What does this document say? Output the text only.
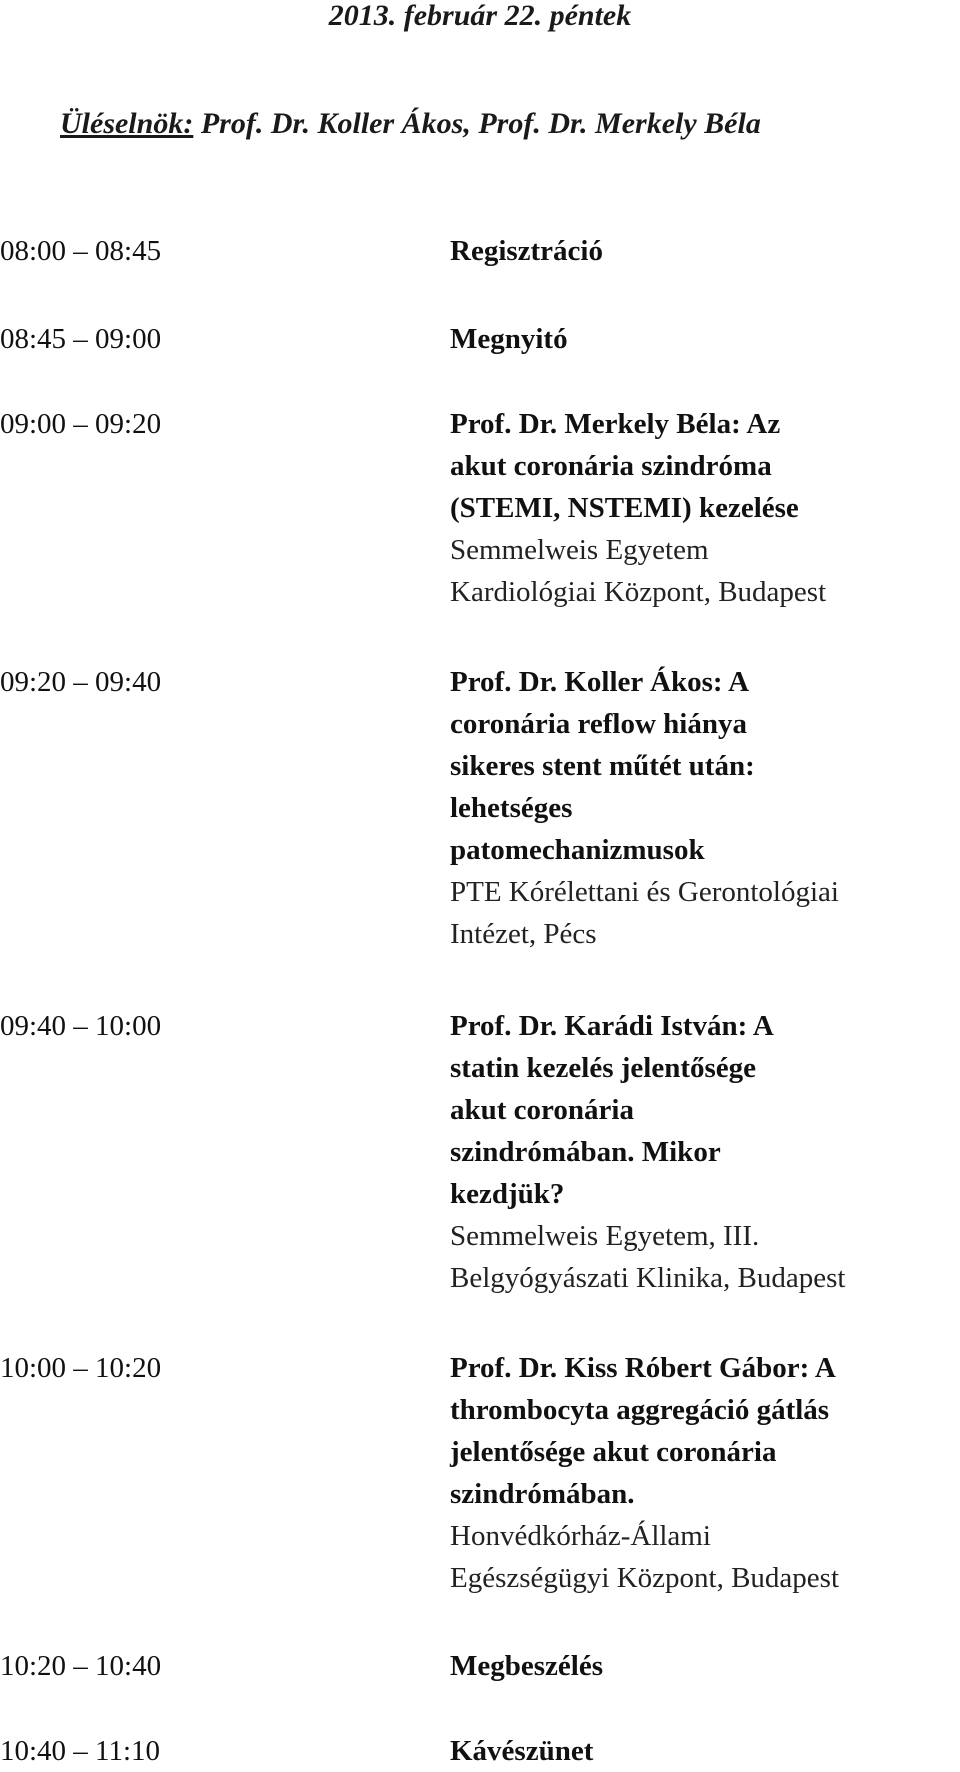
2013. február 22. péntek
Üléselnök: Prof. Dr. Koller Ákos, Prof. Dr. Merkely Béla
08:00 – 08:45	Regisztráció
08:45 – 09:00	Megnyitó
09:00 – 09:20	Prof. Dr. Merkely Béla: Az
akut coronária szindróma
(STEMI, NSTEMI) kezelése
Semmelweis Egyetem
Kardiológiai Központ, Budapest
09:20 – 09:40	Prof. Dr. Koller Ákos: A
coronária reflow hiánya
sikeres stent műtét után:
lehetséges
patomechanizmusok
PTE Kórélettani és Gerontológiai
Intézet, Pécs
09:40 – 10:00	Prof. Dr. Karádi István: A
statin kezelés jelentősége
akut coronária
szindrómában. Mikor
kezdjük?
Semmelweis Egyetem, III.
Belgyógyászati Klinika, Budapest
10:00 – 10:20	Prof. Dr. Kiss Róbert Gábor: A
thrombocyta aggregáció gátlás
jelentősége akut coronária
szindrómában.
Honvédkórház-Állami
Egészségügyi Központ, Budapest
10:20 – 10:40	Megbeszélés
10:40 – 11:10	Kávészünet
